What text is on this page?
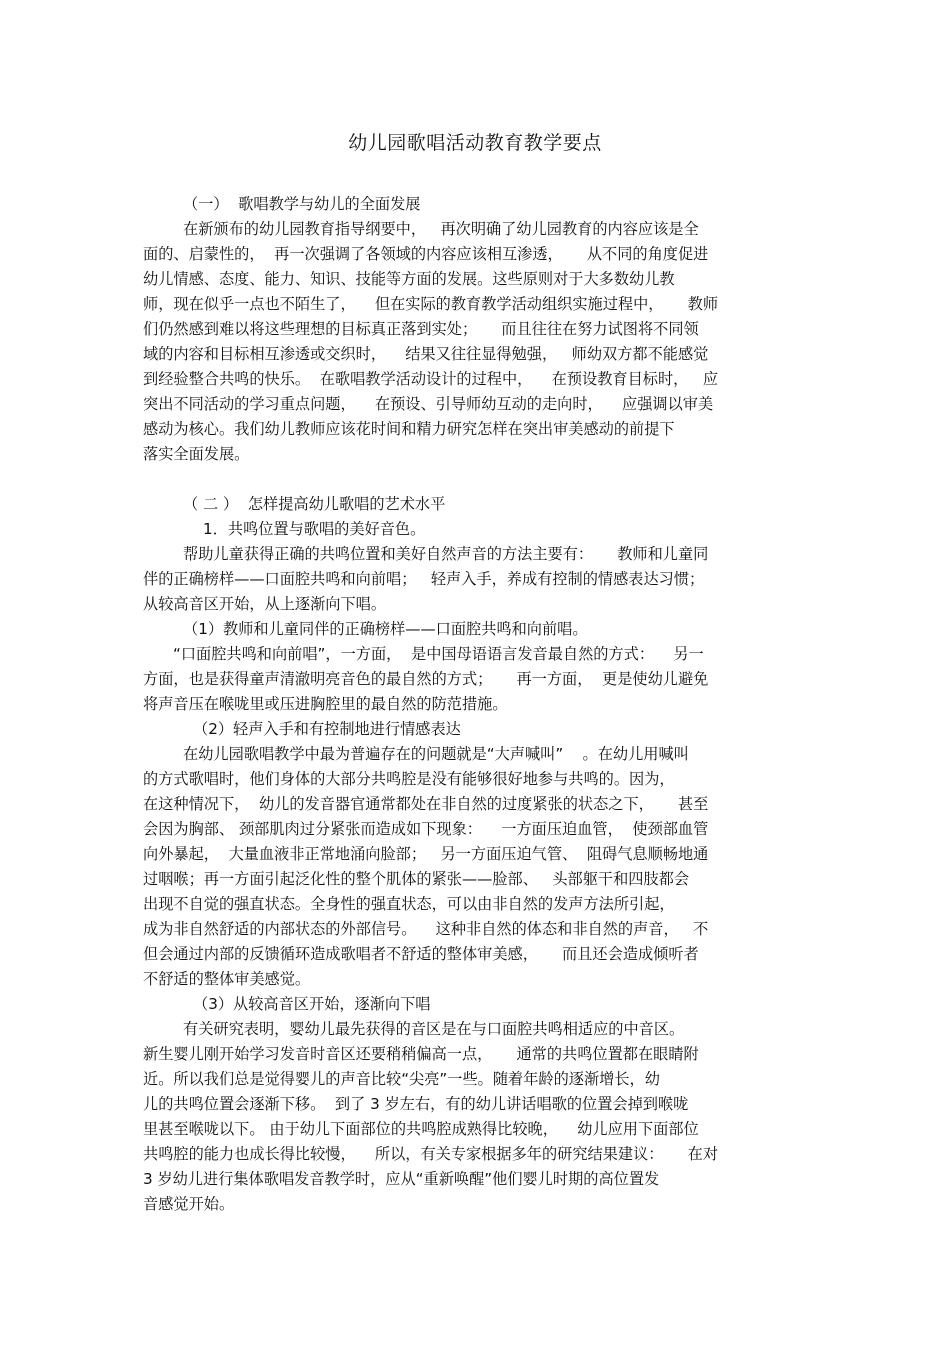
幼儿园歌唱活动教育教学要点
（一）  歌唱教学与幼儿的全面发展
在新颁布的幼儿园教育指导纲要中，   再次明确了幼儿园教育的内容应该是全
面的、启蒙性的，  再一次强调了各领域的内容应该相互渗透，     从不同的角度促进
幼儿情感、态度、能力、知识、技能等方面的发展。这些原则对于大多数幼儿教
师，现在似乎一点也不陌生了，    但在实际的教育教学活动组织实施过程中，     教师
们仍然感到难以将这些理想的目标真正落到实处；     而且往往在努力试图将不同领
域的内容和目标相互渗透或交织时，    结果又往往显得勉强，   师幼双方都不能感觉
到经验整合共鸣的快乐。  在歌唱教学活动设计的过程中，    在预设教育目标时，   应
突出不同活动的学习重点问题，    在预设、引导师幼互动的走向时，    应强调以审美
感动为核心。我们幼儿教师应该花时间和精力研究怎样在突出审美感动的前提下
落实全面发展。
（ 二 ）  怎样提高幼儿歌唱的艺术水平
1．共鸣位置与歌唱的美好音色。
帮助儿童获得正确的共鸣位置和美好自然声音的方法主要有：     教师和儿童同
伴的正确榜样——口面腔共鸣和向前唱；   轻声入手，养成有控制的情感表达习惯；
从较高音区开始，从上逐渐向下唱。
（1）教师和儿童同伴的正确榜样——口面腔共鸣和向前唱。
“口面腔共鸣和向前唱”，一方面，  是中国母语语言发音最自然的方式：    另一
方面，也是获得童声清澈明亮音色的最自然的方式；     再一方面，  更是使幼儿避免
将声音压在喉咙里或压进胸腔里的最自然的防范措施。
（2）轻声入手和有控制地进行情感表达
在幼儿园歌唱教学中最为普遍存在的问题就是“大声喊叫”    。在幼儿用喊叫
的方式歌唱时，他们身体的大部分共鸣腔是没有能够很好地参与共鸣的。因为，
在这种情况下，  幼儿的发音器官通常都处在非自然的过度紧张的状态之下，     甚至
会因为胸部、 颈部肌肉过分紧张而造成如下现象：    一方面压迫血管，  使颈部血管
向外暴起，  大量血液非正常地涌向脸部；   另一方面压迫气管、  阻碍气息顺畅地通
过咽喉；再一方面引起泛化性的整个肌体的紧张——脸部、   头部躯干和四肢都会
出现不自觉的强直状态。全身性的强直状态，可以由非自然的发声方法所引起，
成为非自然舒适的内部状态的外部信号。    这种非自然的体态和非自然的声音，   不
但会通过内部的反馈循环造成歌唱者不舒适的整体审美感，     而且还会造成倾听者
不舒适的整体审美感觉。
（3）从较高音区开始，逐渐向下唱
有关研究表明，婴幼儿最先获得的音区是在与口面腔共鸣相适应的中音区。
新生婴儿刚开始学习发音时音区还要稍稍偏高一点，     通常的共鸣位置都在眼睛附
近。所以我们总是觉得婴儿的声音比较“尖亮”一些。随着年龄的逐渐增长，幼
儿的共鸣位置会逐渐下移。  到了 3 岁左右，有的幼儿讲话唱歌的位置会掉到喉咙
里甚至喉咙以下。 由于幼儿下面部位的共鸣腔成熟得比较晚，    幼儿应用下面部位
共鸣腔的能力也成长得比较慢，    所以，有关专家根据多年的研究结果建议：     在对
3 岁幼儿进行集体歌唱发音教学时，应从“重新唤醒”他们婴儿时期的高位置发
音感觉开始。
